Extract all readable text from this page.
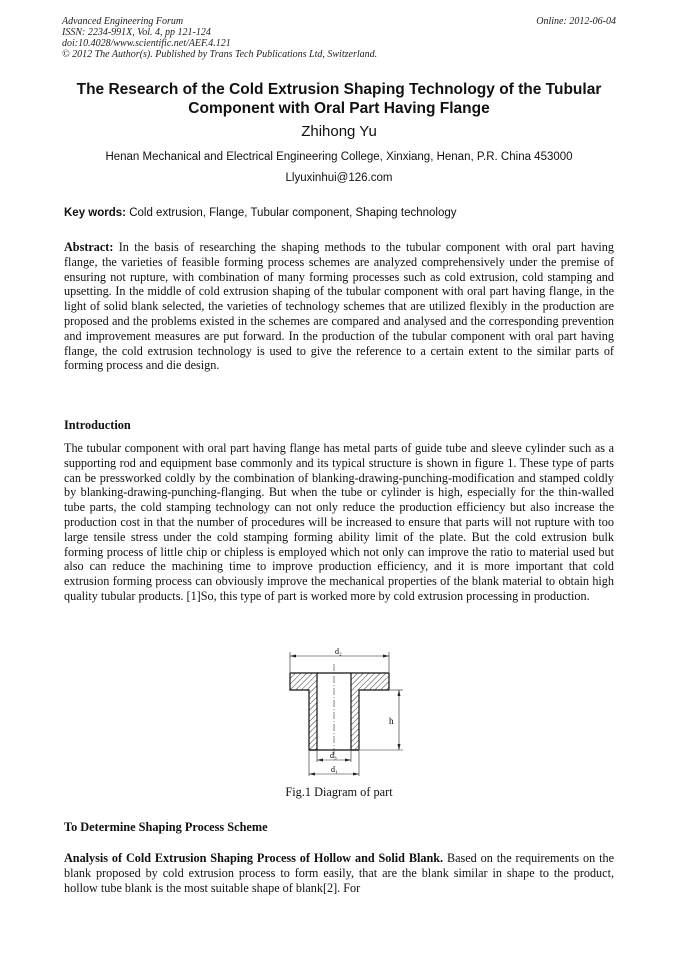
Advanced Engineering Forum
ISSN: 2234-991X, Vol. 4, pp 121-124
doi:10.4028/www.scientific.net/AEF.4.121
© 2012 The Author(s). Published by Trans Tech Publications Ltd, Switzerland.
Online: 2012-06-04
The Research of the Cold Extrusion Shaping Technology of the Tubular Component with Oral Part Having Flange
Zhihong Yu
Henan Mechanical and Electrical Engineering College, Xinxiang, Henan, P.R. China 453000
Llyuxinhui@126.com
Key words: Cold extrusion, Flange, Tubular component, Shaping technology

Abstract: In the basis of researching the shaping methods to the tubular component with oral part having flange, the varieties of feasible forming process schemes are analyzed comprehensively under the premise of ensuring not rupture, with combination of many forming processes such as cold extrusion, cold stamping and upsetting. In the middle of cold extrusion shaping of the tubular component with oral part having flange, in the light of solid blank selected, the varieties of technology schemes that are utilized flexibly in the production are proposed and the problems existed in the schemes are compared and analysed and the corresponding prevention and improvement measures are put forward. In the production of the tubular component with oral part having flange, the cold extrusion technology is used to give the reference to a certain extent to the similar parts of forming process and die design.

Introduction

The tubular component with oral part having flange has metal parts of guide tube and sleeve cylinder such as a supporting rod and equipment base commonly and its typical structure is shown in figure 1. These type of parts can be pressworked coldly by the combination of blanking-drawing-punching-modification and stamped coldly by blanking-drawing-punching-flanging. But when the tube or cylinder is high, especially for the thin-walled tube parts, the cold stamping technology can not only reduce the production efficiency but also increase the production cost in that the number of procedures will be increased to ensure that parts will not rupture with too large tensile stress under the cold stamping forming ability limit of the plate. But the cold extrusion bulk forming process of little chip or chipless is employed which not only can improve the ratio to material used but also can reduce the machining time to improve production efficiency, and it is more important that cold extrusion forming process can obviously improve the mechanical properties of the blank material to obtain high quality tubular products. [1]So, this type of part is worked more by cold extrusion processing in production.

d₂
h
d₃
d₁
Fig.1 Diagram of part
To Determine Shaping Process Scheme

Analysis of Cold Extrusion Shaping Process of Hollow and Solid Blank. Based on the requirements on the blank proposed by cold extrusion process to form easily, that are the blank similar in shape to the product, hollow tube blank is the most suitable shape of blank[2]. For
